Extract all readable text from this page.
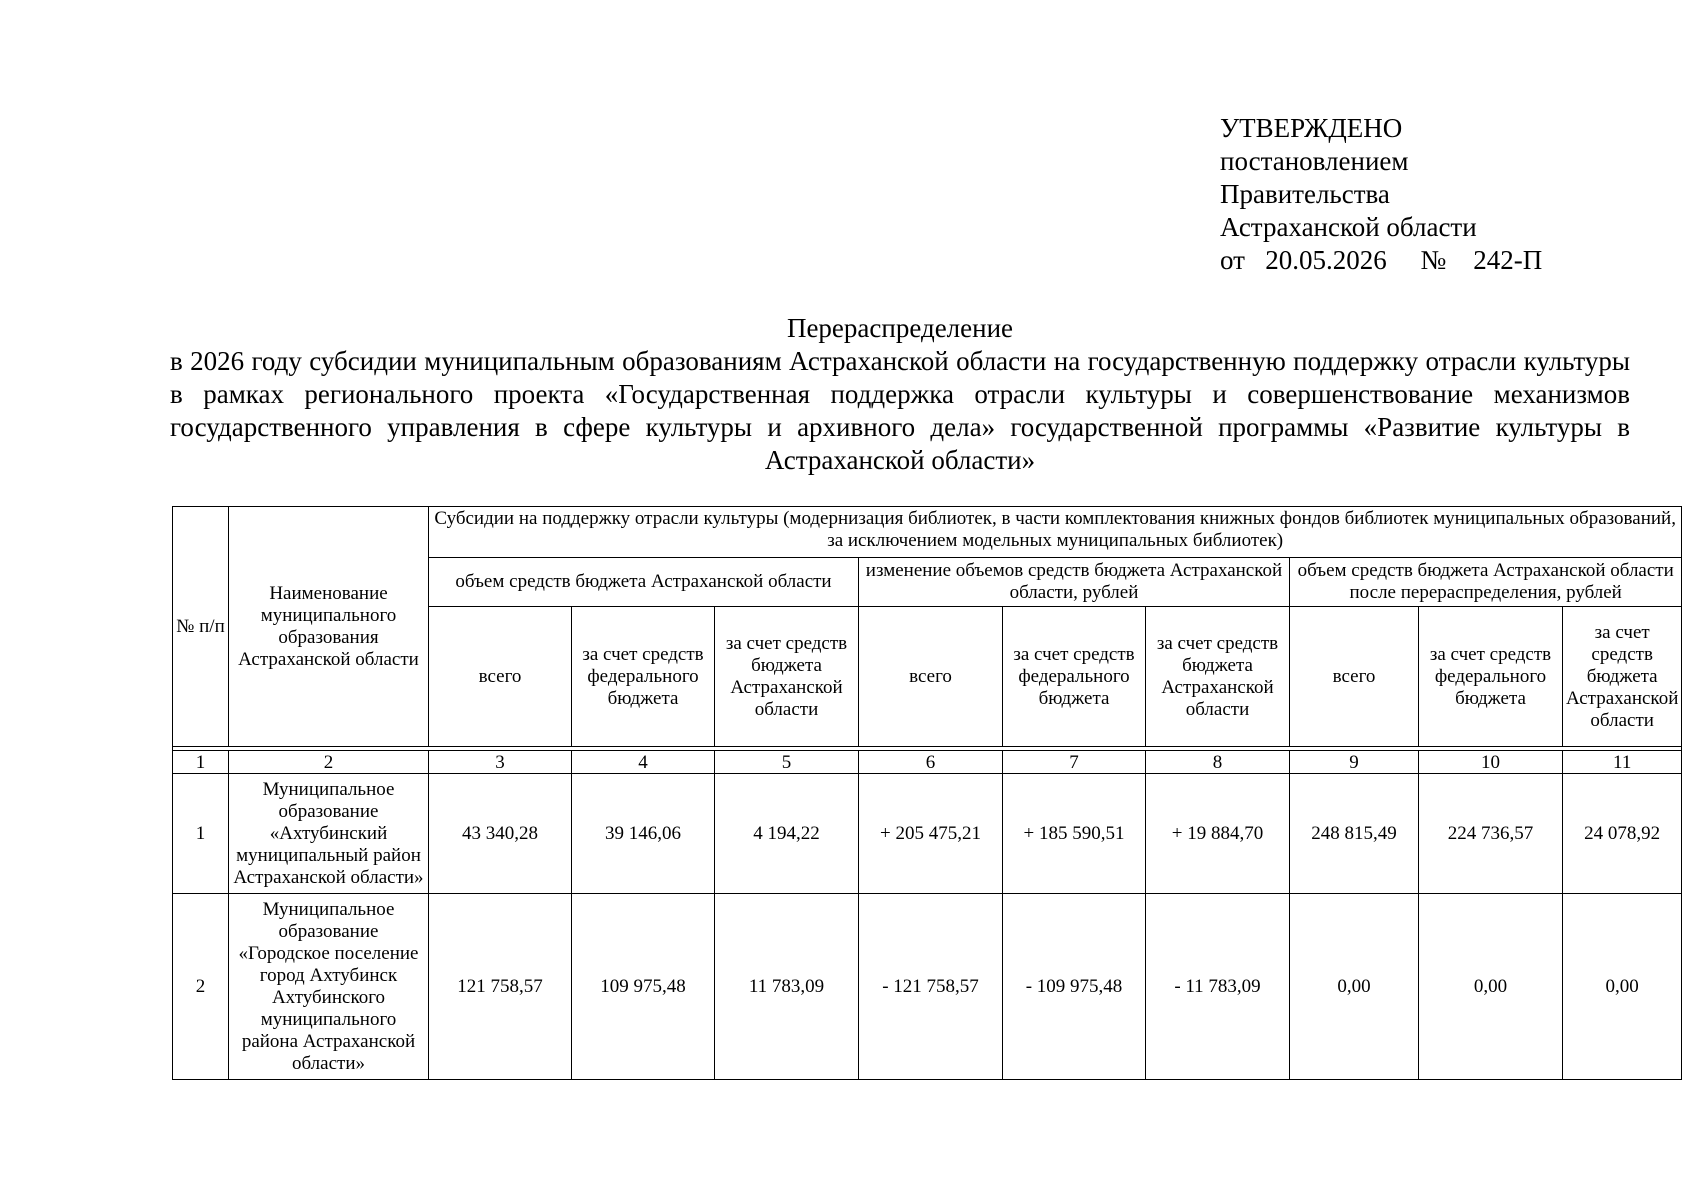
УТВЕРЖДЕНО
постановлением
Правительства
Астраханской области
от   20.05.2026     №    242-П
Перераспределение
в 2026 году субсидии муниципальным образованиям Астраханской области на государственную поддержку отрасли культуры в рамках регионального проекта «Государственная поддержка отрасли культуры и совершенствование механизмов государственного управления в сфере культуры и архивного дела» государственной программы «Развитие культуры в Астраханской области»
№ п/п	Наименование муниципального образования Астраханской области	Субсидии на поддержку отрасли культуры (модернизация библиотек, в части комплектования книжных фондов библиотек муниципальных образований, за исключением модельных муниципальных библиотек)								
		объем средств бюджета Астраханской области			изменение объемов средств бюджета Астраханской области, рублей			объем средств бюджета Астраханской области после перераспределения, рублей		
		всего	за счет средств федерального бюджета	за счет средств бюджета Астраханской области	всего	за счет средств федерального бюджета	за счет средств бюджета Астраханской области	всего	за счет средств федерального бюджета	за счет средств бюджета Астраханской области

1	2	3	4	5	6	7	8	9	10	11
1	Муниципальное образование «Ахтубинский муниципальный район Астраханской области»	43 340,28	39 146,06	4 194,22	+ 205 475,21	+ 185 590,51	+ 19 884,70	248 815,49	224 736,57	24 078,92
2	Муниципальное образование «Городское поселение город Ахтубинск Ахтубинского муниципального района Астраханской области»	121 758,57	109 975,48	11 783,09	- 121 758,57	- 109 975,48	- 11 783,09	0,00	0,00	0,00
